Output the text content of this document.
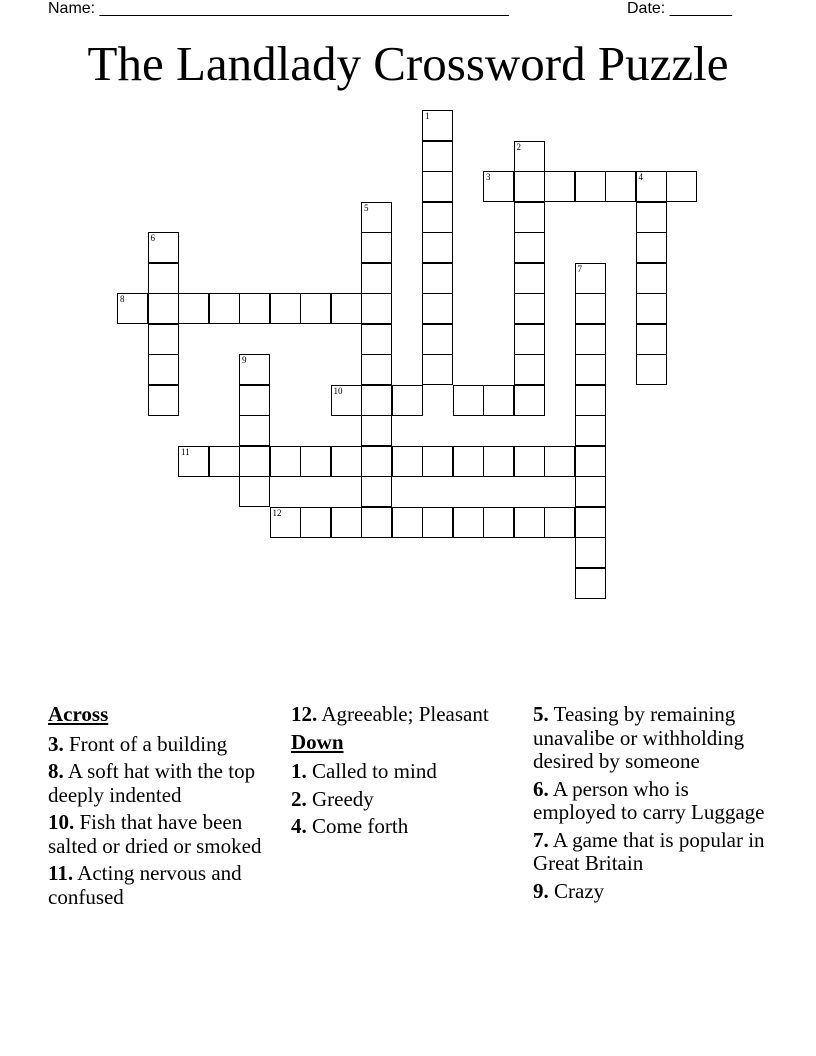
Name: ______________________________________________	Date: _______
The Landlady Crossword Puzzle
1
2
3	4
5
6
7
8
9
10
11
12
Across
3. Front of a building
8. A soft hat with the top deeply indented
10. Fish that have been salted or dried or smoked
11. Acting nervous and confused
12. Agreeable; Pleasant
Down
1. Called to mind
2. Greedy
4. Come forth
5. Teasing by remaining unavalibe or withholding desired by someone
6. A person who is employed to carry Luggage
7. A game that is popular in Great Britain
9. Crazy
